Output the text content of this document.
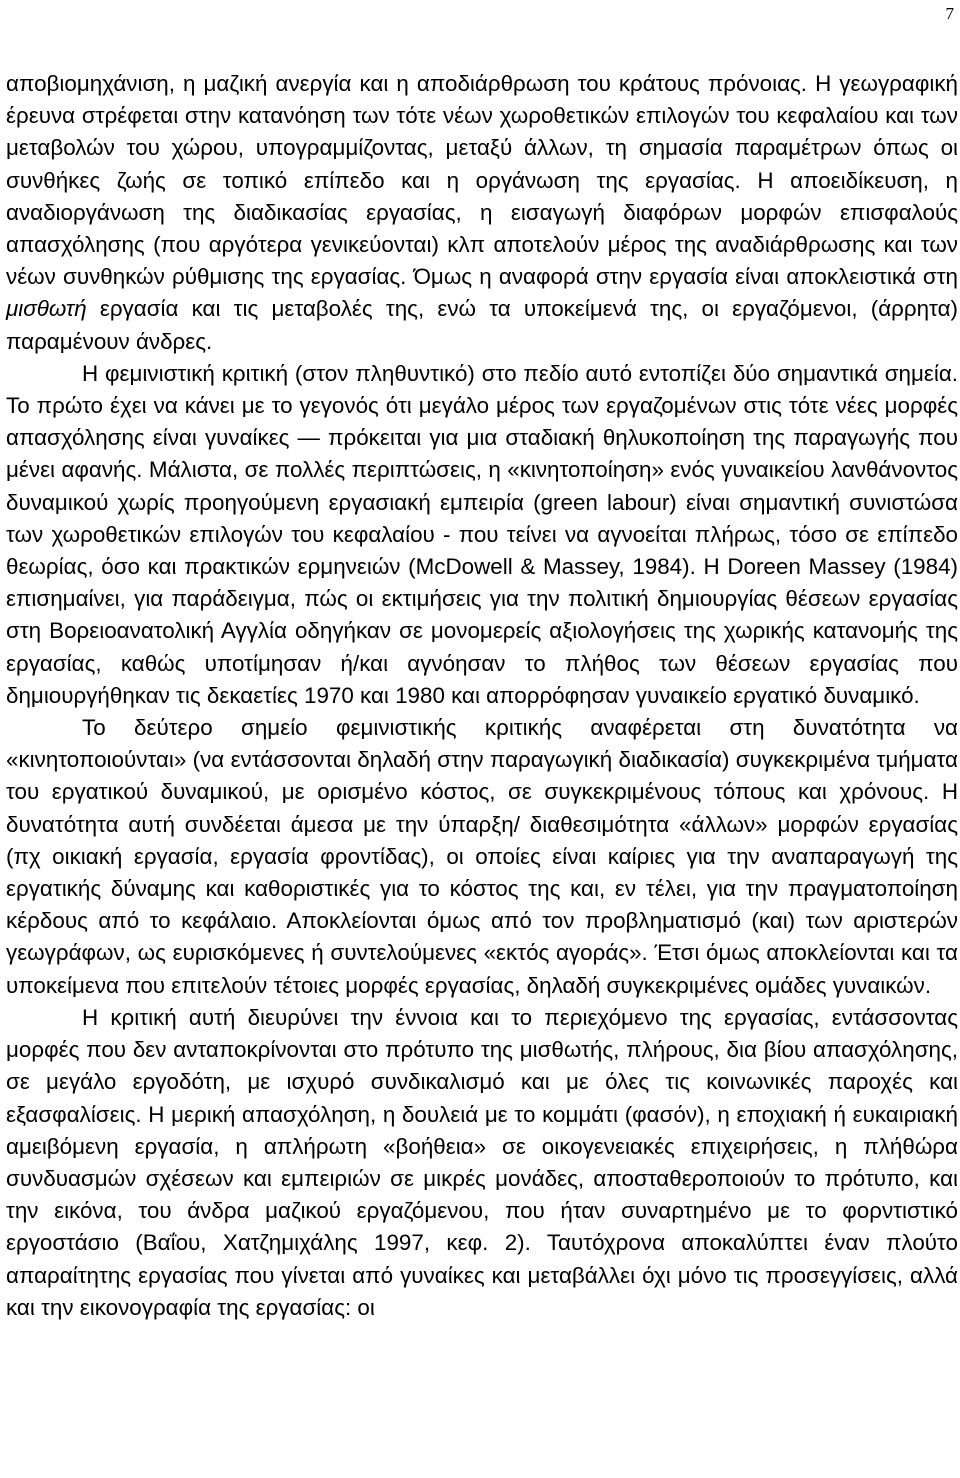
7

αποβιομηχάνιση, η μαζική ανεργία και η αποδιάρθρωση του κράτους πρόνοιας. Η γεωγραφική έρευνα στρέφεται στην κατανόηση των τότε νέων χωροθετικών επιλογών του κεφαλαίου και των μεταβολών του χώρου, υπογραμμίζοντας, μεταξύ άλλων, τη σημασία παραμέτρων όπως οι συνθήκες ζωής σε τοπικό επίπεδο και η οργάνωση της εργασίας. Η αποειδίκευση, η αναδιοργάνωση της διαδικασίας εργασίας, η εισαγωγή διαφόρων μορφών επισφαλούς απασχόλησης (που αργότερα γενικεύονται) κλπ αποτελούν μέρος της αναδιάρθρωσης και των νέων συνθηκών ρύθμισης της εργασίας. Όμως η αναφορά στην εργασία είναι αποκλειστικά στη μισθωτή εργασία και τις μεταβολές της, ενώ τα υποκείμενά της, οι εργαζόμενοι, (άρρητα) παραμένουν άνδρες.

Η φεμινιστική κριτική (στον πληθυντικό) στο πεδίο αυτό εντοπίζει δύο σημαντικά σημεία. Το πρώτο έχει να κάνει με το γεγονός ότι μεγάλο μέρος των εργαζομένων στις τότε νέες μορφές απασχόλησης είναι γυναίκες — πρόκειται για μια σταδιακή θηλυκοποίηση της παραγωγής που μένει αφανής. Μάλιστα, σε πολλές περιπτώσεις, η «κινητοποίηση» ενός γυναικείου λανθάνοντος δυναμικού χωρίς προηγούμενη εργασιακή εμπειρία (green labour) είναι σημαντική συνιστώσα των χωροθετικών επιλογών του κεφαλαίου - που τείνει να αγνοείται πλήρως, τόσο σε επίπεδο θεωρίας, όσο και πρακτικών ερμηνειών (McDowell & Massey, 1984). Η Doreen Massey (1984) επισημαίνει, για παράδειγμα, πώς οι εκτιμήσεις για την πολιτική δημιουργίας θέσεων εργασίας στη Βορειοανατολική Αγγλία οδηγήκαν σε μονομερείς αξιολογήσεις της χωρικής κατανομής της εργασίας, καθώς υποτίμησαν ή/και αγνόησαν το πλήθος των θέσεων εργασίας που δημιουργήθηκαν τις δεκαετίες 1970 και 1980 και απορρόφησαν γυναικείο εργατικό δυναμικό.

Το δεύτερο σημείο φεμινιστικής κριτικής αναφέρεται στη δυνατότητα να «κινητοποιούνται» (να εντάσσονται δηλαδή στην παραγωγική διαδικασία) συγκεκριμένα τμήματα του εργατικού δυναμικού, με ορισμένο κόστος, σε συγκεκριμένους τόπους και χρόνους. Η δυνατότητα αυτή συνδέεται άμεσα με την ύπαρξη/ διαθεσιμότητα «άλλων» μορφών εργασίας (πχ οικιακή εργασία, εργασία φροντίδας), οι οποίες είναι καίριες για την αναπαραγωγή της εργατικής δύναμης και καθοριστικές για το κόστος της και, εν τέλει, για την πραγματοποίηση κέρδους από το κεφάλαιο. Αποκλείονται όμως από τον προβληματισμό (και) των αριστερών γεωγράφων, ως ευρισκόμενες ή συντελούμενες «εκτός αγοράς». Έτσι όμως αποκλείονται και τα υποκείμενα που επιτελούν τέτοιες μορφές εργασίας, δηλαδή συγκεκριμένες ομάδες γυναικών.

Η κριτική αυτή διευρύνει την έννοια και το περιεχόμενο της εργασίας, εντάσσοντας μορφές που δεν ανταποκρίνονται στο πρότυπο της μισθωτής, πλήρους, δια βίου απασχόλησης, σε μεγάλο εργοδότη, με ισχυρό συνδικαλισμό και με όλες τις κοινωνικές παροχές και εξασφαλίσεις. Η μερική απασχόληση, η δουλειά με το κομμάτι (φασόν), η εποχιακή ή ευκαιριακή αμειβόμενη εργασία, η απλήρωτη «βοήθεια» σε οικογενειακές επιχειρήσεις, η πλήθώρα συνδυασμών σχέσεων και εμπειριών σε μικρές μονάδες, αποσταθεροποιούν το πρότυπο, και την εικόνα, του άνδρα μαζικού εργαζόμενου, που ήταν συναρτημένο με το φορντιστικό εργοστάσιο (Βαΐου, Χατζημιχάλης 1997, κεφ. 2). Ταυτόχρονα αποκαλύπτει έναν πλούτο απαραίτητης εργασίας που γίνεται από γυναίκες και μεταβάλλει όχι μόνο τις προσεγγίσεις, αλλά και την εικονογραφία της εργασίας: οι
